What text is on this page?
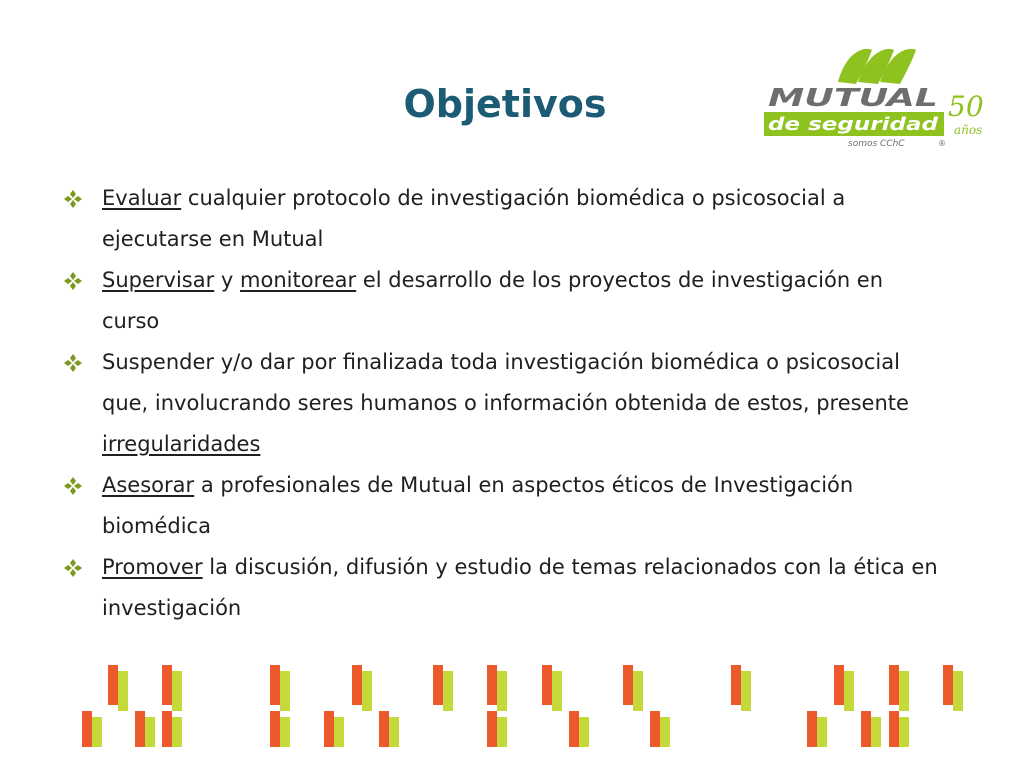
Objetivos	MUTUAL
de seguridad
somos CChC	®
50
años
Evaluar cualquier protocolo de investigación biomédica o psicosocial a ejecutarse en Mutual
Supervisar y monitorear el desarrollo de los proyectos de investigación en curso
Suspender y/o dar por finalizada toda investigación biomédica o psicosocial que, involucrando seres humanos o información obtenida de estos, presente irregularidades
Asesorar a profesionales de Mutual en aspectos éticos de Investigación biomédica
Promover la discusión, difusión y estudio de temas relacionados con la ética en investigación
